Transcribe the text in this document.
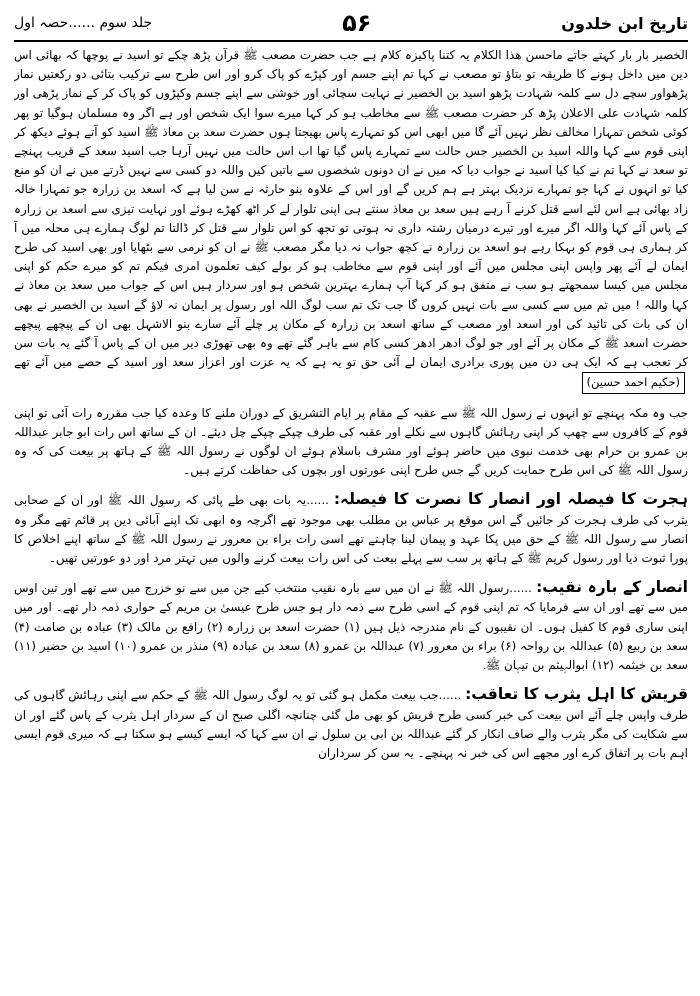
تاریخ ابن خلدون
۵۶
جلد سوم ......حصہ اول

الخصیر بار بار کہتے جاتے ماحسن ھذا الکلام یہ کتنا پاکیزہ کلام ہے جب حضرت مصعب ﷺ قرآن پڑھ چکے تو اسید نے پوچھا کہ بھائی اس دین میں داخل ہونے کا طریقہ تو بتاؤ تو مصعب نے کہا تم اپنے جسم اور کپڑے کو پاک کرو اور اس طرح سے ترکیب بتائی دو رکعتیں نماز پڑھواور سچے دل سے کلمہ شہادت پڑھو اسید بن الخصیر نے نہایت سچائی اور خوشی سے اپنے جسم وکپڑوں کو پاک کر کے نماز پڑھی اور کلمہ شہادت علی الاعلان پڑھ کر حضرت مصعب ﷺ سے مخاطب ہو کر کہا میرے سوا ایک شخص اور ہے اگر وہ مسلمان ہوگیا تو پھر کوئی شخص تمہارا مخالف نظر نہیں آئے گا میں ابھی اس کو تمہارے پاس بھیجتا ہوں حضرت سعد بن معاذ ﷺ اسید کو آتے ہوئے دیکھ کر اپنی قوم سے کہا واللہ اسید بن الخصیر جس حالت سے تمہارے پاس گیا تھا اب اس حالت میں نہیں آرہا جب اسید سعد کے قریب پہنچے تو سعد نے کہا تم نے کیا کیا اسید نے جواب دیا کہ میں نے ان دونوں شخصوں سے باتیں کیں واللہ دو کسی سے نہیں ڈرتے میں نے ان کو منع کیا تو انہوں نے کہا جو تمہارے نزدیک بہتر ہے ہم کریں گے اور اس کے علاوہ بنو حارثہ نے سن لیا ہے کہ اسعد بن زرارہ جو تمہارا خالہ زاد بھائی ہے اس لئے اسے قتل کرنے آ رہے ہیں سعد بن معاذ سنتے ہی اپنی تلوار لے کر اٹھ کھڑے ہوئے اور نہایت تیزی سے اسعد بن زرارہ کے پاس آئے کہا واللہ اگر میرے اور تیرے درمیان رشتہ داری نہ ہوتی تو تجھ کو اس تلوار سے قتل کر ڈالتا تم لوگ ہمارے ہی محلہ میں آ کر ہماری ہی قوم کو بہکا رہے ہو اسعد بن زرارہ نے کچھ جواب نہ دیا مگر مصعب ﷺ نے ان کو نرمی سے بٹھایا اور بھی اسید کی طرح ایمان لے آئے پھر واپس اپنی مجلس میں آئے اور اپنی قوم سے مخاطب ہو کر بولے کیف تعلمون امری فیکم تم کو میرے حکم کو اپنی مجلس میں کیسا سمجھتے ہو سب نے متفق ہو کر کہا آپ ہمارے بہترین شخص ہو اور سردار ہیں اس کے جواب میں سعد بن معاذ نے کہا واللہ ! میں تم میں سے کسی سے بات نہیں کروں گا جب تک تم سب لوگ اللہ اور رسول پر ایمان نہ لاؤ گے اسید بن الخصیر نے بھی ان کی بات کی تائید کی اور اسعد اور مصعب کے ساتھ اسعد بن زرارہ کے مکان پر چلے آئے سارے بنو الاشہل بھی ان کے پیچھے پیچھے حضرت اسعد ﷺ کے مکان پر آئے اور جو لوگ ادھر ادھر کسی کام سے باہر گئے تھے وہ بھی تھوڑی دیر میں ان کے پاس آ گئے یہ بات سن کر تعجب ہے کہ ایک ہی دن میں پوری برادری ایمان لے آئی حق تو یہ ہے کہ یہ عزت اور اعزاز سعد اور اسید کے حصے میں آئے تھے (حکیم احمد حسین)

جب وہ مکہ پہنچے تو انہوں نے رسول اللہ ﷺ سے عقبہ کے مقام پر ایام التشریق کے دوران ملنے کا وعدہ کیا جب مقررہ رات آئی تو اپنی قوم کے کافروں سے چھپ کر اپنی رہائش گاہوں سے نکلے اور عقبہ کی طرف چپکے چپکے چل دیئے۔ ان کے ساتھ اس رات ابو جابر عبداللہ بن عمرو بن حرام بھی خدمت نبوی میں حاضر ہوئے اور مشرف باسلام ہوئے ان لوگوں نے رسول اللہ ﷺ کے ہاتھ پر بیعت کی کہ وہ رسول اللہ ﷺ کی اس طرح حمایت کریں گے جس طرح اپنی عورتوں اور بچوں کی حفاظت کرتے ہیں۔

ہجرت کا فیصلہ اور انصار کا نصرت کا فیصلہ: ......یہ بات بھی طے پائی کہ رسول اللہ ﷺ اور ان کے صحابی یثرب کی طرف ہجرت کر جائیں گے اس موقع پر عباس بن مطلب بھی موجود تھے اگرچہ وہ ابھی تک اپنے آبائی دین پر قائم تھے مگر وہ انصار سے رسول اللہ ﷺ کے حق میں پکا عہد و پیمان لینا چاہتے تھے اسی رات براء بن معرور نے رسول اللہ ﷺ کے ساتھ اپنے اخلاص کا پورا ثبوت دیا اور رسول کریم ﷺ کے ہاتھ پر سب سے پہلے بیعت کی اس رات بیعت کرنے والوں میں تہتر مرد اور دو عورتیں تھیں۔

انصار کے بارہ نقیب: ......رسول اللہ ﷺ نے ان میں سے بارہ نقیب منتخب کیے جن میں سے نو خزرج میں سے تھے اور تین اوس میں سے تھے اور ان سے فرمایا کہ تم اپنی قوم کے اسی طرح سے ذمہ دار ہو جس طرح عیسیٰ بن مریم کے حواری ذمہ دار تھے۔ اور میں اپنی ساری قوم کا کفیل ہوں۔ ان نقیبوں کے نام مندرجہ ذیل ہیں (۱) حضرت اسعد بن زرارہ (۲) رافع بن مالک (۳) عبادہ بن صامت (۴) سعد بن ربیع (۵) عبداللہ بن رواحہ (۶) براء بن معرور (۷) عبداللہ بن عمرو (۸) سعد بن عبادہ (۹) منذر بن عمرو (۱۰) اسید بن حضیر (۱۱) سعد بن خیثمہ (۱۲) ابوالہیثم بن تیہان ﷺ۔

قریش کا اہل یثرب کا تعاقب: ......جب بیعت مکمل ہو گئی تو یہ لوگ رسول اللہ ﷺ کے حکم سے اپنی رہائش گاہوں کی طرف واپس چلے آئے اس بیعت کی خبر کسی طرح قریش کو بھی مل گئی چنانچہ اگلی صبح ان کے سردار اہل یثرب کے پاس گئے اور ان سے شکایت کی مگر یثرب والے صاف انکار کر گئے عبداللہ بن ابی بن سلول نے ان سے کہا کہ ایسے کیسے ہو سکتا ہے کہ میری قوم ایسی اہم بات پر اتفاق کرے اور مجھے اس کی خبر نہ پہنچے۔ یہ سن کر سرداران
